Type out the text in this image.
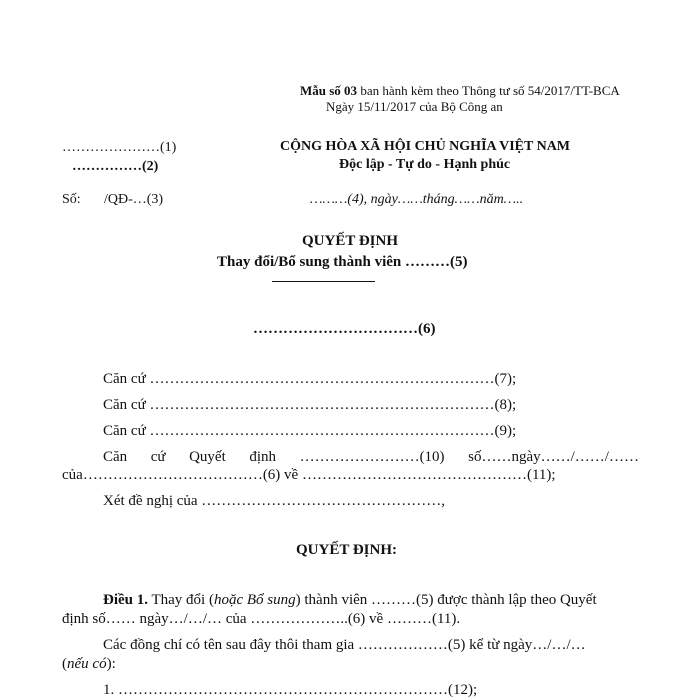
Mẫu số 03 ban hành kèm theo Thông tư số 54/2017/TT-BCA
Ngày 15/11/2017 của Bộ Công an
…………………(1)
……………(2)
Số: /QĐ-…(3)
CỘNG HÒA XÃ HỘI CHỦ NGHĨA VIỆT NAM
Độc lập - Tự do - Hạnh phúc
………(4), ngày……tháng……năm…..
QUYẾT ĐỊNH
Thay đổi/Bổ sung thành viên ………(5)
……………………………(6)
Căn cứ ……………………………………………………………(7);
Căn cứ ……………………………………………………………(8);
Căn cứ ……………………………………………………………(9);
Căn cứ Quyết định ……………………(10) số……ngày……/……/……
của………………………………(6) về ………………………………………(11);
Xét đề nghị của …………………………………………,
QUYẾT ĐỊNH:
Điều 1. Thay đổi (hoặc Bổ sung) thành viên ………(5) được thành lập theo Quyết
định số…… ngày…/…/… của ………………..(6) về ………(11).
Các đồng chí có tên sau đây thôi tham gia ………………(5) kể từ ngày…/…/…
(nếu có):
1. …………………………………………………………(12);
